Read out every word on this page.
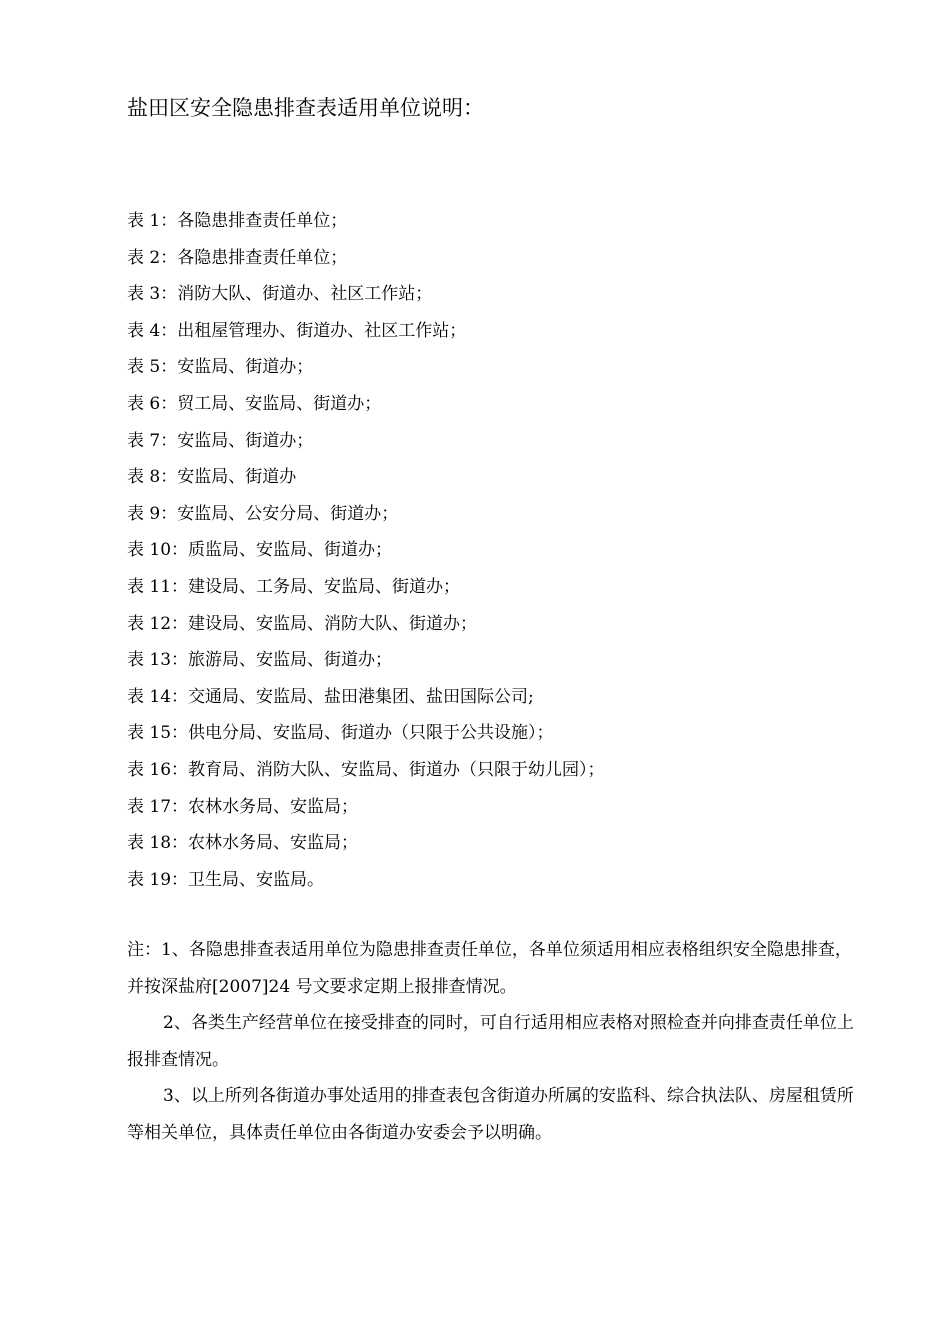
盐田区安全隐患排查表适用单位说明：
表 1：各隐患排查责任单位；
表 2：各隐患排查责任单位；
表 3：消防大队、街道办、社区工作站；
表 4：出租屋管理办、街道办、社区工作站；
表 5：安监局、街道办；
表 6：贸工局、安监局、街道办；
表 7：安监局、街道办；
表 8：安监局、街道办
表 9：安监局、公安分局、街道办；
表 10：质监局、安监局、街道办；
表 11：建设局、工务局、安监局、街道办；
表 12：建设局、安监局、消防大队、街道办；
表 13：旅游局、安监局、街道办；
表 14：交通局、安监局、盐田港集团、盐田国际公司;
表 15：供电分局、安监局、街道办（只限于公共设施）；
表 16：教育局、消防大队、安监局、街道办（只限于幼儿园）；
表 17：农林水务局、安监局；
表 18：农林水务局、安监局；
表 19：卫生局、安监局。

注：1、各隐患排查表适用单位为隐患排查责任单位，各单位须适用相应表格组织安全隐患排查，并按深盐府[2007]24 号文要求定期上报排查情况。

2、各类生产经营单位在接受排查的同时，可自行适用相应表格对照检查并向排查责任单位上报排查情况。

3、以上所列各街道办事处适用的排查表包含街道办所属的安监科、综合执法队、房屋租赁所等相关单位，具体责任单位由各街道办安委会予以明确。
